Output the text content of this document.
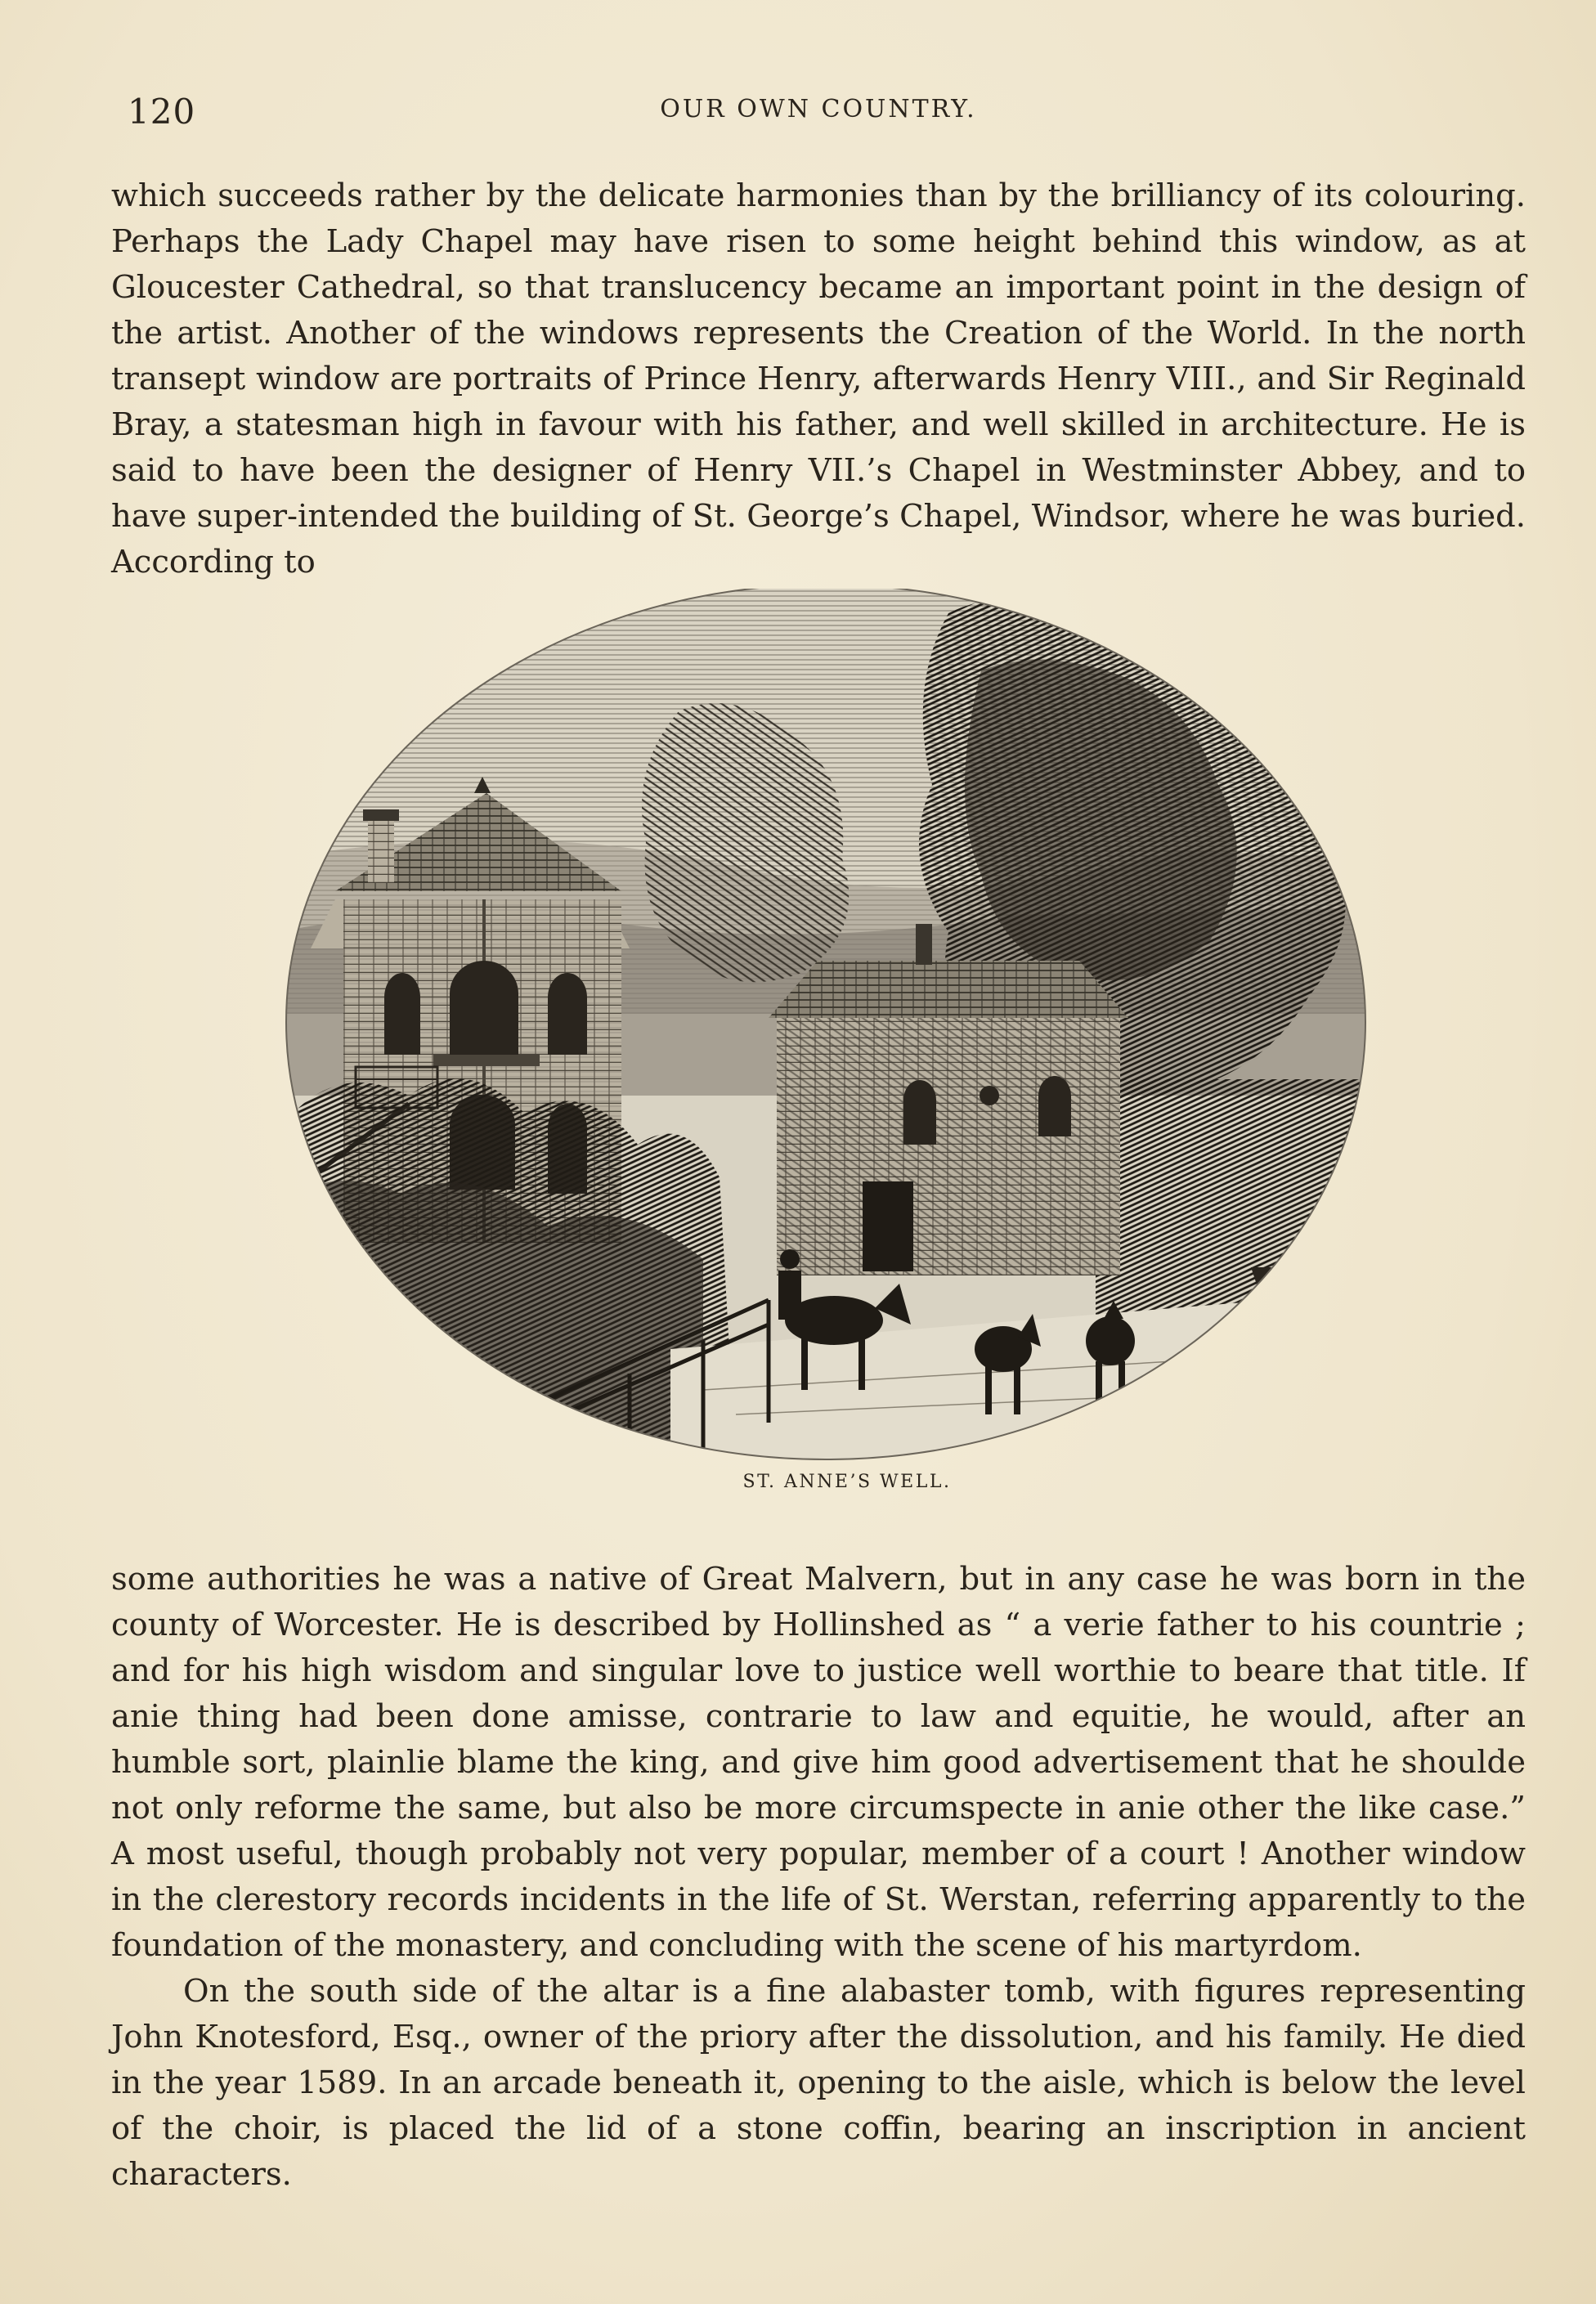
120	OUR OWN COUNTRY.

which succeeds rather by the delicate harmonies than by the brilliancy of its colouring. Perhaps the Lady Chapel may have risen to some height behind this window, as at Gloucester Cathedral, so that translucency became an important point in the design of the artist. Another of the windows represents the Creation of the World. In the north transept window are portraits of Prince Henry, afterwards Henry VIII., and Sir Reginald Bray, a statesman high in favour with his father, and well skilled in architecture. He is said to have been the designer of Henry VII.’s Chapel in Westminster Abbey, and to have super-intended the building of St. George’s Chapel, Windsor, where he was buried. According to

ST. ANNE’S WELL.

some authorities he was a native of Great Malvern, but in any case he was born in the county of Worcester. He is described by Hollinshed as “ a verie father to his countrie ; and for his high wisdom and singular love to justice well worthie to beare that title. If anie thing had been done amisse, contrarie to law and equitie, he would, after an humble sort, plainlie blame the king, and give him good advertisement that he shoulde not only reforme the same, but also be more circumspecte in anie other the like case.” A most useful, though probably not very popular, member of a court ! Another window in the clerestory records incidents in the life of St. Werstan, referring apparently to the foundation of the monastery, and concluding with the scene of his martyrdom.

On the south side of the altar is a fine alabaster tomb, with figures representing John Knotesford, Esq., owner of the priory after the dissolution, and his family. He died in the year 1589. In an arcade beneath it, opening to the aisle, which is below the level of the choir, is placed the lid of a stone coffin, bearing an inscription in ancient characters.
